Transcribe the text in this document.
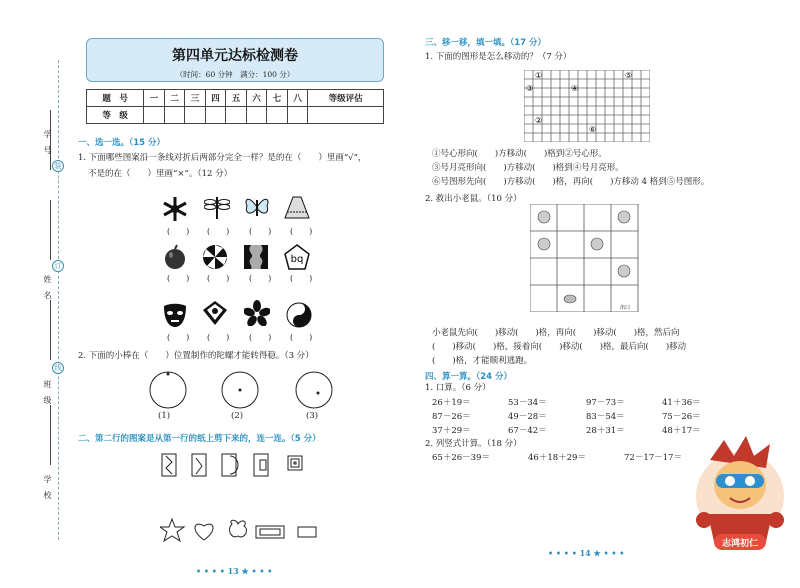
第四单元达标检测卷
（时间：60 分钟　满分：100 分）
题　号	一	二	三	四	五	六	七	八	等级评估
等　级									
学　号
装
姓　名
订
班　级
线
学　校
一、选一选。（15 分）
1. 下面哪些图案沿一条线对折后两部分完全一样？是的在（　　）里画“√”，
不是的在（　　）里画“×”。（12 分）
(　　) (　　) (　　) (　　)
bq
(　　) (　　) (　　) (　　)
(　　) (　　) (　　) (　　)
2. 下面的小棒在（　　）位置制作的陀螺才能转得稳。（3 分）
(1)	(2)	(3)
二、第二行的图案是从第一行的纸上剪下来的，连一连。（5 分）
• • • • 13 ★ • • •
三、移一移，填一填。（17 分）
1. 下面的图形是怎么移动的？（7 分）
①
②
③	④
⑤
⑥
①号心形向(　　)方移动(　　)格到②号心形。
③号月亮形向(　　)方移动(　　)格到④号月亮形。
⑥号图形先向(　　)方移动(　　)格，再向(　　)方移动 4 格到⑤号图形。
2. 救出小老鼠。（10 分）
出口
小老鼠先向(　　)移动(　　)格，再向(　　)移动(　　)格，然后向
(　　)移动(　　)格，接着向(　　)移动(　　)格，最后向(　　)移动
(　　)格，才能顺利逃跑。
四、算一算。（24 分）
1. 口算。（6 分）
26＋19＝	53－34＝	97－73＝	41＋36＝
87－26＝	49－28＝	83－54＝	75－26＝
37＋29＝	67－42＝	28＋31＝	48＋17＝
2. 列竖式计算。（18 分）
65＋26－39＝	46＋18＋29＝	72－17－17＝
志鸿初仁
• • • • 14 ★ • • •
